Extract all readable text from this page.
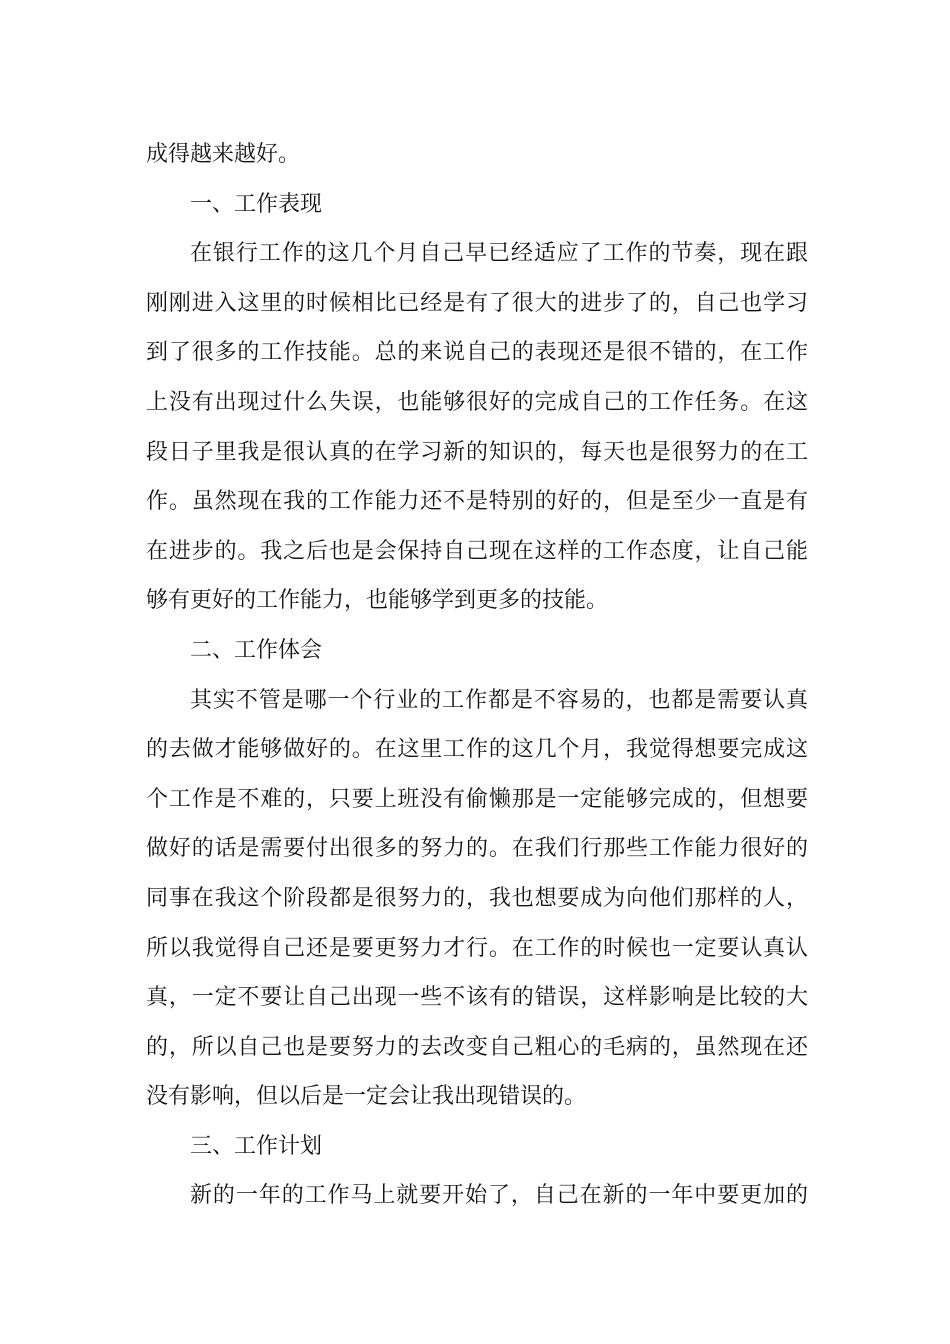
成得越来越好。
一、工作表现
在银行工作的这几个月自己早已经适应了工作的节奏，现在跟
刚刚进入这里的时候相比已经是有了很大的进步了的，自己也学习
到了很多的工作技能。总的来说自己的表现还是很不错的，在工作
上没有出现过什么失误，也能够很好的完成自己的工作任务。在这
段日子里我是很认真的在学习新的知识的，每天也是很努力的在工
作。虽然现在我的工作能力还不是特别的好的，但是至少一直是有
在进步的。我之后也是会保持自己现在这样的工作态度，让自己能
够有更好的工作能力，也能够学到更多的技能。
二、工作体会
其实不管是哪一个行业的工作都是不容易的，也都是需要认真
的去做才能够做好的。在这里工作的这几个月，我觉得想要完成这
个工作是不难的，只要上班没有偷懒那是一定能够完成的，但想要
做好的话是需要付出很多的努力的。在我们行那些工作能力很好的
同事在我这个阶段都是很努力的，我也想要成为向他们那样的人，
所以我觉得自己还是要更努力才行。在工作的时候也一定要认真认
真，一定不要让自己出现一些不该有的错误，这样影响是比较的大
的，所以自己也是要努力的去改变自己粗心的毛病的，虽然现在还
没有影响，但以后是一定会让我出现错误的。
三、工作计划
新的一年的工作马上就要开始了，自己在新的一年中要更加的
